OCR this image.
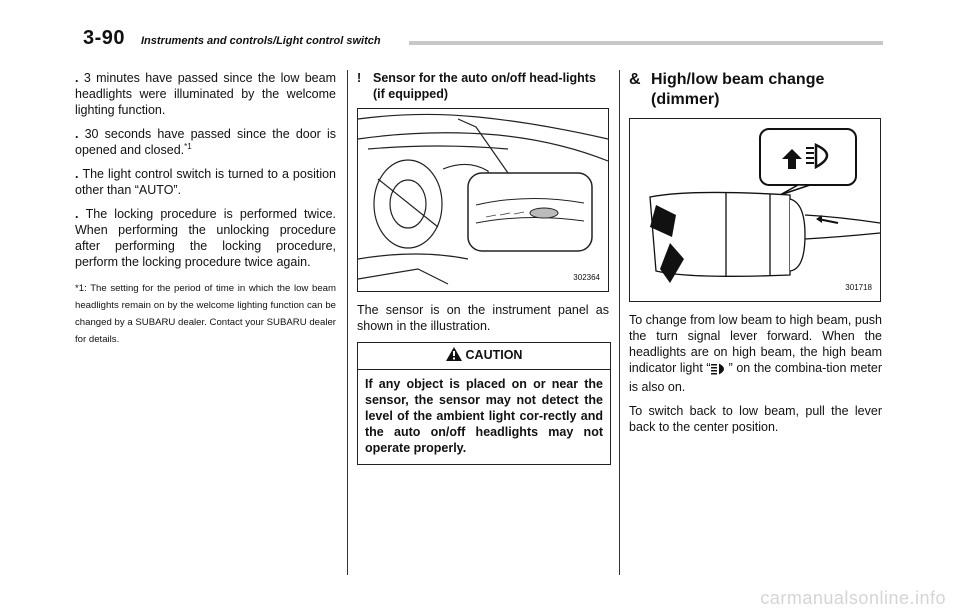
3-90 Instruments and controls/Light control switch

. 3 minutes have passed since the low beam headlights were illuminated by the welcome lighting function.

. 30 seconds have passed since the door is opened and closed.$^{*1}$

. The light control switch is turned to a position other than “AUTO”.

. The locking procedure is performed twice. When performing the unlocking procedure after performing the locking procedure, perform the locking procedure twice again.

*1: The setting for the period of time in which the low beam headlights remain on by the welcome lighting function can be changed by a SUBARU dealer. Contact your SUBARU dealer for details.

! Sensor for the auto on/off head-lights (if equipped)
302364

The sensor is on the instrument panel as shown in the illustration.

CAUTION
If any object is placed on or near the sensor, the sensor may not detect the level of the ambient light cor-rectly and the auto on/off headlights may not operate properly.
& High/low beam change (dimmer)
301718

To change from low beam to high beam, push the turn signal lever forward. When the headlights are on high beam, the high beam indicator light “ ” on the combina-tion meter is also on.

To switch back to low beam, pull the lever back to the center position.

carmanualsonline.info
